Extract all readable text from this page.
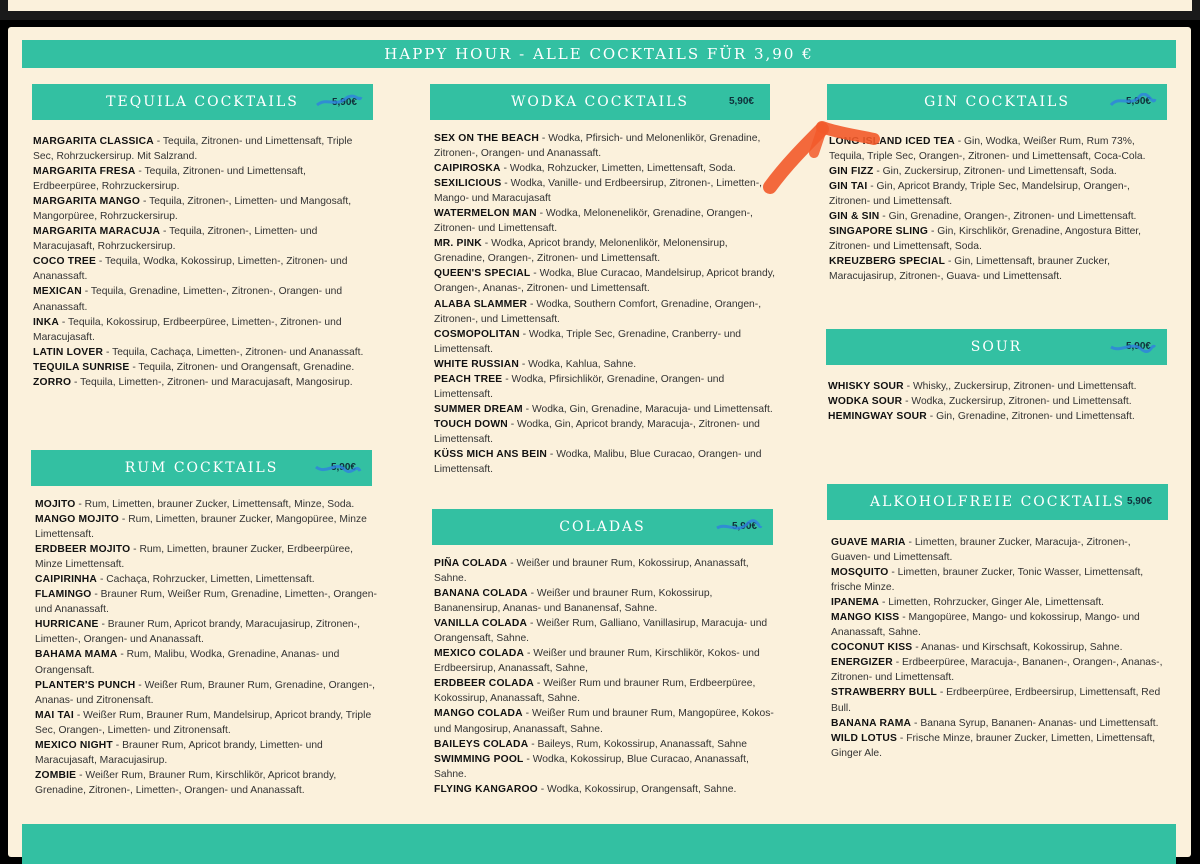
HAPPY HOUR - ALLE COCKTAILS FÜR 3,90 €
TEQUILA COCKTAILS	5,90€

MARGARITA CLASSICA - Tequila, Zitronen- und Limettensaft, Triple Sec, Rohrzuckersirup. Mit Salzrand.

MARGARITA FRESA - Tequila, Zitronen- und Limettensaft, Erdbeerpüree, Rohrzuckersirup.

MARGARITA MANGO - Tequila, Zitronen-, Limetten- und Mangosaft, Mangorpüree, Rohrzuckersirup.

MARGARITA MARACUJA - Tequila, Zitronen-, Limetten- und Maracujasaft, Rohrzuckersirup.

COCO TREE - Tequila, Wodka, Kokossirup, Limetten-, Zitronen- und Ananassaft.

MEXICAN - Tequila, Grenadine, Limetten-, Zitronen-, Orangen- und Ananassaft.

INKA - Tequila, Kokossirup, Erdbeerpüree, Limetten-, Zitronen- und Maracujasaft.

LATIN LOVER - Tequila, Cachaça, Limetten-, Zitronen- und Ananassaft.

TEQUILA SUNRISE - Tequila, Zitronen- und Orangensaft, Grenadine.

ZORRO - Tequila, Limetten-, Zitronen- und Maracujasaft, Mangosirup.

RUM COCKTAILS	5,90€

MOJITO - Rum, Limetten, brauner Zucker, Limettensaft, Minze, Soda.

MANGO MOJITO - Rum, Limetten, brauner Zucker, Mangopüree, Minze Limettensaft.

ERDBEER MOJITO - Rum, Limetten, brauner Zucker, Erdbeerpüree, Minze Limettensaft.

CAIPIRINHA - Cachaça, Rohrzucker, Limetten, Limettensaft.

FLAMINGO - Brauner Rum, Weißer Rum, Grenadine, Limetten-, Orangen- und Ananassaft.

HURRICANE - Brauner Rum, Apricot brandy, Maracujasirup, Zitronen-, Limetten-, Orangen- und Ananassaft.

BAHAMA MAMA - Rum, Malibu, Wodka, Grenadine, Ananas- und Orangensaft.

PLANTER'S PUNCH - Weißer Rum, Brauner Rum, Grenadine, Orangen-, Ananas- und Zitronensaft.

MAI TAI - Weißer Rum, Brauner Rum, Mandelsirup, Apricot brandy, Triple Sec, Orangen-, Limetten- und Zitronensaft.

MEXICO NIGHT - Brauner Rum, Apricot brandy, Limetten- und Maracujasaft, Maracujasirup.

ZOMBIE - Weißer Rum, Brauner Rum, Kirschlikör, Apricot brandy, Grenadine, Zitronen-, Limetten-, Orangen- und Ananassaft.

WODKA COCKTAILS	5,90€

SEX ON THE BEACH - Wodka, Pfirsich- und Melonenlikör, Grenadine, Zitronen-, Orangen- und Ananassaft.

CAIPIROSKA - Wodka, Rohzucker, Limetten, Limettensaft, Soda.

SEXILICIOUS - Wodka, Vanille- und Erdbeersirup, Zitronen-, Limetten-, Mango- und Maracujasaft

WATERMELON MAN - Wodka, Melonenelikör, Grenadine, Orangen-, Zitronen- und Limettensaft.

MR. PINK - Wodka, Apricot brandy, Melonenlikör, Melonensirup, Grenadine, Orangen-, Zitronen- und Limettensaft.

QUEEN'S SPECIAL - Wodka, Blue Curacao, Mandelsirup, Apricot brandy, Orangen-, Ananas-, Zitronen- und Limettensaft.

ALABA SLAMMER - Wodka, Southern Comfort, Grenadine, Orangen-, Zitronen-, und Limettensaft.

COSMOPOLITAN - Wodka, Triple Sec, Grenadine, Cranberry- und Limettensaft.

WHITE RUSSIAN - Wodka, Kahlua, Sahne.

PEACH TREE - Wodka, Pfirsichlikör, Grenadine, Orangen- und Limettensaft.

SUMMER DREAM - Wodka, Gin, Grenadine, Maracuja- und Limettensaft.

TOUCH DOWN - Wodka, Gin, Apricot brandy, Maracuja-, Zitronen- und Limettensaft.

KÜSS MICH ANS BEIN - Wodka, Malibu, Blue Curacao, Orangen- und Limettensaft.

COLADAS	5,90€

PIÑA COLADA - Weißer und brauner Rum, Kokossirup, Ananassaft, Sahne.

BANANA COLADA - Weißer und brauner Rum, Kokossirup, Bananensirup, Ananas- und Bananensaf, Sahne.

VANILLA COLADA - Weißer Rum, Galliano, Vanillasirup, Maracuja- und Orangensaft, Sahne.

MEXICO COLADA - Weißer und brauner Rum, Kirschlikör, Kokos- und Erdbeersirup, Ananassaft, Sahne,

ERDBEER COLADA - Weißer Rum und brauner Rum, Erdbeerpüree, Kokossirup, Ananassaft, Sahne.

MANGO COLADA - Weißer Rum und brauner Rum, Mangopüree, Kokos- und Mangosirup, Ananassaft, Sahne.

BAILEYS COLADA - Baileys, Rum, Kokossirup, Ananassaft, Sahne

SWIMMING POOL - Wodka, Kokossirup, Blue Curacao, Ananassaft, Sahne.

FLYING KANGAROO - Wodka, Kokossirup, Orangensaft, Sahne.

GIN COCKTAILS	5,90€

LONG ISLAND ICED TEA - Gin, Wodka, Weißer Rum, Rum 73%, Tequila, Triple Sec, Orangen-, Zitronen- und Limettensaft, Coca-Cola.

GIN FIZZ - Gin, Zuckersirup, Zitronen- und Limettensaft, Soda.

GIN TAI - Gin, Apricot Brandy, Triple Sec, Mandelsirup, Orangen-, Zitronen- und Limettensaft.

GIN & SIN - Gin, Grenadine, Orangen-, Zitronen- und Limettensaft.

SINGAPORE SLING - Gin, Kirschlikör, Grenadine, Angostura Bitter, Zitronen- und Limettensaft, Soda.

KREUZBERG SPECIAL - Gin, Limettensaft, brauner Zucker, Maracujasirup, Zitronen-, Guava- und Limettensaft.

SOUR	5,90€

WHISKY SOUR - Whisky,, Zuckersirup, Zitronen- und Limettensaft.

WODKA SOUR - Wodka, Zuckersirup, Zitronen- und Limettensaft.

HEMINGWAY SOUR - Gin, Grenadine, Zitronen- und Limettensaft.

ALKOHOLFREIE COCKTAILS 5,90€

GUAVE MARIA - Limetten, brauner Zucker, Maracuja-, Zitronen-, Guaven- und Limettensaft.

MOSQUITO - Limetten, brauner Zucker, Tonic Wasser, Limettensaft, frische Minze.

IPANEMA - Limetten, Rohrzucker, Ginger Ale, Limettensaft.

MANGO KISS - Mangopüree, Mango- und kokossirup, Mango- und Ananassaft, Sahne.

COCONUT KISS - Ananas- und Kirschsaft, Kokossirup, Sahne.

ENERGIZER - Erdbeerpüree, Maracuja-, Bananen-, Orangen-, Ananas-, Zitronen- und Limettensaft.

STRAWBERRY BULL - Erdbeerpüree, Erdbeersirup, Limettensaft, Red Bull.

BANANA RAMA - Banana Syrup, Bananen- Ananas- und Limettensaft.

WILD LOTUS - Frische Minze, brauner Zucker, Limetten, Limettensaft, Ginger Ale.
